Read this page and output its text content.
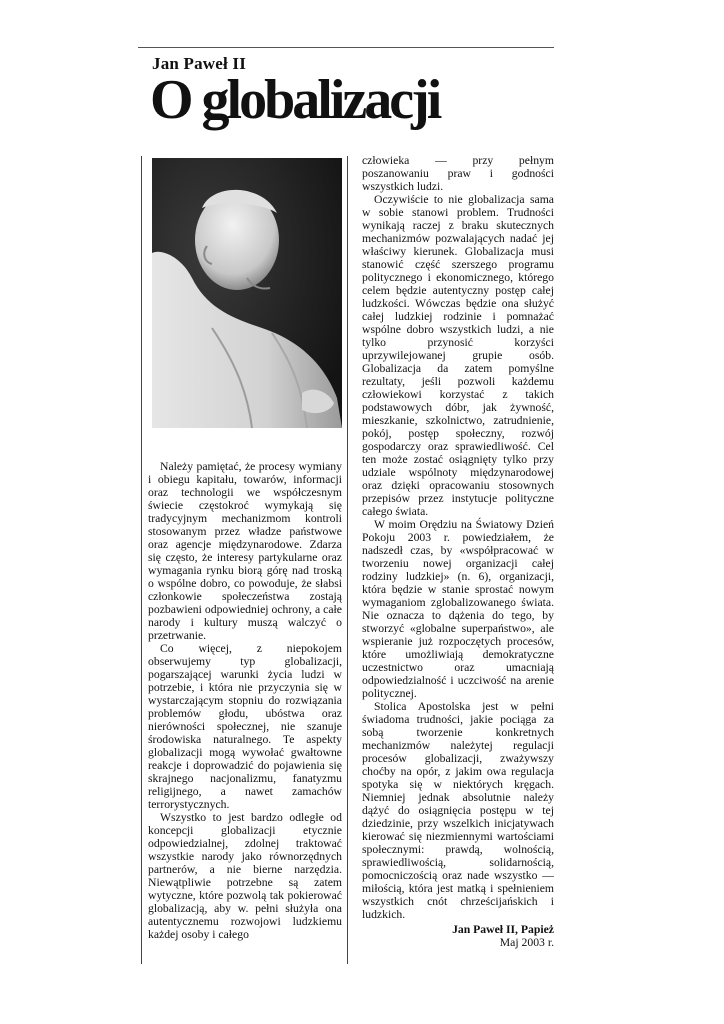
Jan Paweł II
O globalizacji

Należy pamiętać, że procesy wymiany i obiegu kapitału, towarów, informacji oraz technologii we współczesnym świecie częstokroć wymykają się tradycyjnym mechanizmom kontroli stosowanym przez władze państwowe oraz agencje międzynarodowe. Zdarza się często, że interesy partykularne oraz wymagania rynku biorą górę nad troską o wspólne dobro, co powoduje, że słabsi członkowie społeczeństwa zostają pozbawieni odpowiedniej ochrony, a całe narody i kultury muszą walczyć o przetrwanie.

Co więcej, z niepokojem obserwujemy typ globalizacji, pogarszającej warunki życia ludzi w potrzebie, i która nie przyczynia się w wystarczającym stopniu do rozwiązania problemów głodu, ubóstwa oraz nierówności społecznej, nie szanuje środowiska naturalnego. Te aspekty globalizacji mogą wywołać gwałtowne reakcje i doprowadzić do pojawienia się skrajnego nacjonalizmu, fanatyzmu religijnego, a nawet zamachów terrorystycznych.

Wszystko to jest bardzo odległe od koncepcji globalizacji etycznie odpowiedzialnej, zdolnej traktować wszystkie narody jako równorzędnych partnerów, a nie bierne narzędzia. Niewątpliwie potrzebne są zatem wytyczne, które pozwolą tak pokierować globalizacją, aby w. pełni służyła ona autentycznemu rozwojowi ludzkiemu każdej osoby i całego

człowieka — przy pełnym poszanowaniu praw i godności wszystkich ludzi.

Oczywiście to nie globalizacja sama w sobie stanowi problem. Trudności wynikają raczej z braku skutecznych mechanizmów pozwalających nadać jej właściwy kierunek. Globalizacja musi stanowić część szerszego programu politycznego i ekonomicznego, którego celem będzie autentyczny postęp całej ludzkości. Wówczas będzie ona służyć całej ludzkiej rodzinie i pomnażać wspólne dobro wszystkich ludzi, a nie tylko przynosić korzyści uprzywilejowanej grupie osób. Globalizacja da zatem pomyślne rezultaty, jeśli pozwoli każdemu człowiekowi korzystać z takich podstawowych dóbr, jak żywność, mieszkanie, szkolnictwo, zatrudnienie, pokój, postęp społeczny, rozwój gospodarczy oraz sprawiedliwość. Cel ten może zostać osiągnięty tylko przy udziale wspólnoty międzynarodowej oraz dzięki opracowaniu stosownych przepisów przez instytucje polityczne całego świata.

W moim Orędziu na Światowy Dzień Pokoju 2003 r. powiedziałem, że nadszedł czas, by «współpracować w tworzeniu nowej organizacji całej rodziny ludzkiej» (n. 6), organizacji, która będzie w stanie sprostać nowym wymaganiom zglobalizowanego świata. Nie oznacza to dążenia do tego, by stworzyć «globalne superpaństwo», ale wspieranie już rozpoczętych procesów, które umożliwiają demokratyczne uczestnictwo oraz umacniają odpowiedzialność i uczciwość na arenie politycznej.

Stolica Apostolska jest w pełni świadoma trudności, jakie pociąga za sobą tworzenie konkretnych mechanizmów należytej regulacji procesów globalizacji, zważywszy choćby na opór, z jakim owa regulacja spotyka się w niektórych kręgach. Niemniej jednak absolutnie należy dążyć do osiągnięcia postępu w tej dziedzinie, przy wszelkich inicjatywach kierować się niezmiennymi wartościami społecznymi: prawdą, wolnością, sprawiedliwością, solidarnością, pomocniczością oraz nade wszystko — miłością, która jest matką i spełnieniem wszystkich cnót chrześcijańskich i ludzkich.

Jan Paweł II, Papież
Maj 2003 r.
